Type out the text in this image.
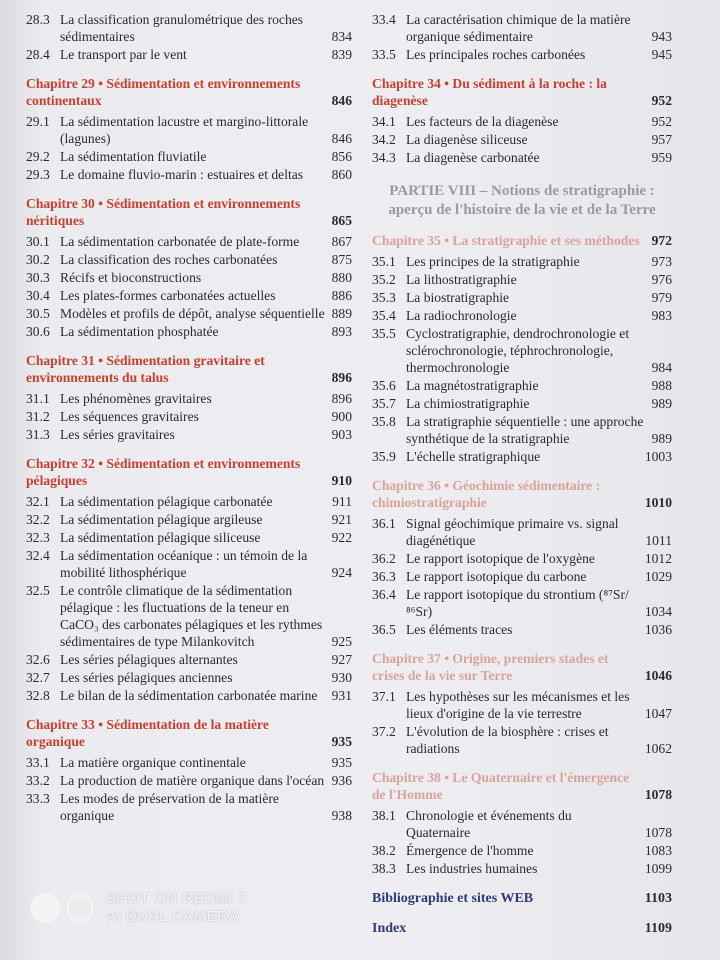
28.3 La classification granulométrique des roches sédimentaires	834
28.4 Le transport par le vent	839
Chapitre 29 • Sédimentation et environnements continentaux	846
29.1 La sédimentation lacustre et margino-littorale (lagunes)	846
29.2 La sédimentation fluviatile	856
29.3 Le domaine fluvio-marin : estuaires et deltas	860
Chapitre 30 • Sédimentation et environnements néritiques	865
30.1 La sédimentation carbonatée de plate-forme	867
30.2 La classification des roches carbonatées	875
30.3 Récifs et bioconstructions	880
30.4 Les plates-formes carbonatées actuelles	886
30.5 Modèles et profils de dépôt, analyse séquentielle 889
30.6 La sédimentation phosphatée	893
Chapitre 31 • Sédimentation gravitaire et environnements du talus	896
31.1 Les phénomènes gravitaires	896
31.2 Les séquences gravitaires	900
31.3 Les séries gravitaires	903
Chapitre 32 • Sédimentation et environnements pélagiques	910
32.1 La sédimentation pélagique carbonatée	911
32.2 La sédimentation pélagique argileuse	921
32.3 La sédimentation pélagique siliceuse	922
32.4 La sédimentation océanique : un témoin de la mobilité lithosphérique	924
32.5 Le contrôle climatique de la sédimentation pélagique : les fluctuations de la teneur en CaCO₃ des carbonates pélagiques et les rythmes sédimentaires de type Milankovitch	925
32.6 Les séries pélagiques alternantes	927
32.7 Les séries pélagiques anciennes	930
32.8 Le bilan de la sédimentation carbonatée marine	931
Chapitre 33 • Sédimentation de la matière organique	935
33.1 La matière organique continentale	935
33.2 La production de matière organique dans l'océan 936
33.3 Les modes de préservation de la matière organique	938
33.4 La caractérisation chimique de la matière organique sédimentaire	943
33.5 Les principales roches carbonées	945
Chapitre 34 • Du sédiment à la roche : la diagenèse	952
34.1 Les facteurs de la diagenèse	952
34.2 La diagenèse siliceuse	957
34.3 La diagenèse carbonatée	959
PARTIE VIII – Notions de stratigraphie : aperçu de l'histoire de la vie et de la Terre
Chapitre 35 • La stratigraphie et ses méthodes 972
35.1 Les principes de la stratigraphie	973
35.2 La lithostratigraphie	976
35.3 La biostratigraphie	979
35.4 La radiochronologie	983
35.5 Cyclostratigraphie, dendrochronologie et sclérochronologie, téphrochronologie, thermochronologie	984
35.6 La magnétostratigraphie	988
35.7 La chimiostratigraphie	989
35.8 La stratigraphie séquentielle : une approche synthétique de la stratigraphie	989
35.9 L'échelle stratigraphique	1003
Chapitre 36 • Géochimie sédimentaire : chimiostratigraphie	1010
36.1 Signal géochimique primaire vs. signal diagénétique	1011
36.2 Le rapport isotopique de l'oxygène	1012
36.3 Le rapport isotopique du carbone	1029
36.4 Le rapport isotopique du strontium (⁸⁷Sr/⁸⁶Sr)	1034
36.5 Les éléments traces	1036
Chapitre 37 • Origine, premiers stades et crises de la vie sur Terre	1046
37.1 Les hypothèses sur les mécanismes et les lieux d'origine de la vie terrestre	1047
37.2 L'évolution de la biosphère : crises et radiations	1062
Chapitre 38 • Le Quaternaire et l'émergence de l'Homme	1078
38.1 Chronologie et événements du Quaternaire	1078
38.2 Émergence de l'homme	1083
38.3 Les industries humaines	1099
Bibliographie et sites WEB	1103
Index	1109
SHOT ON REDMI 7
AI DUAL CAMERA
